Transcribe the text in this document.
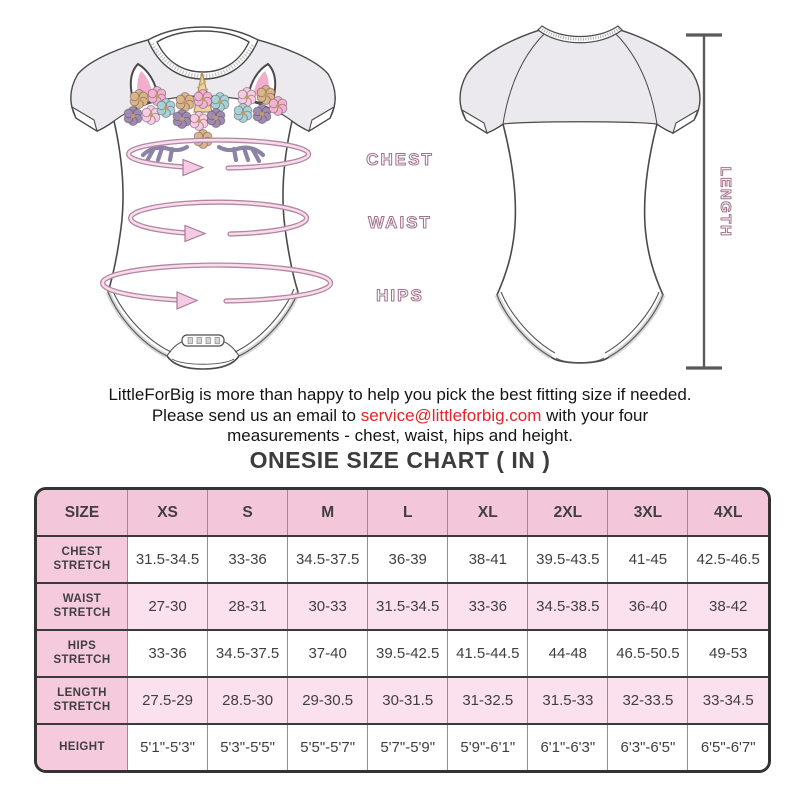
CHEST
WAIST
HIPS
LENGTH

LittleForBig is more than happy to help you pick the best fitting size if needed.

Please send us an email to service@littleforbig.com with your four

measurements - chest, waist, hips and height.

ONESIE SIZE CHART ( IN )
SIZE	XS	S	M	L	XL	2XL	3XL	4XL
CHEST STRETCH	31.5-34.5	33-36	34.5-37.5	36-39	38-41	39.5-43.5	41-45	42.5-46.5
WAIST STRETCH	27-30	28-31	30-33	31.5-34.5	33-36	34.5-38.5	36-40	38-42
HIPS STRETCH	33-36	34.5-37.5	37-40	39.5-42.5	41.5-44.5	44-48	46.5-50.5	49-53
LENGTH STRETCH	27.5-29	28.5-30	29-30.5	30-31.5	31-32.5	31.5-33	32-33.5	33-34.5
HEIGHT	5'1"-5'3"	5'3"-5'5"	5'5"-5'7"	5'7"-5'9"	5'9"-6'1"	6'1"-6'3"	6'3"-6'5"	6'5"-6'7"
